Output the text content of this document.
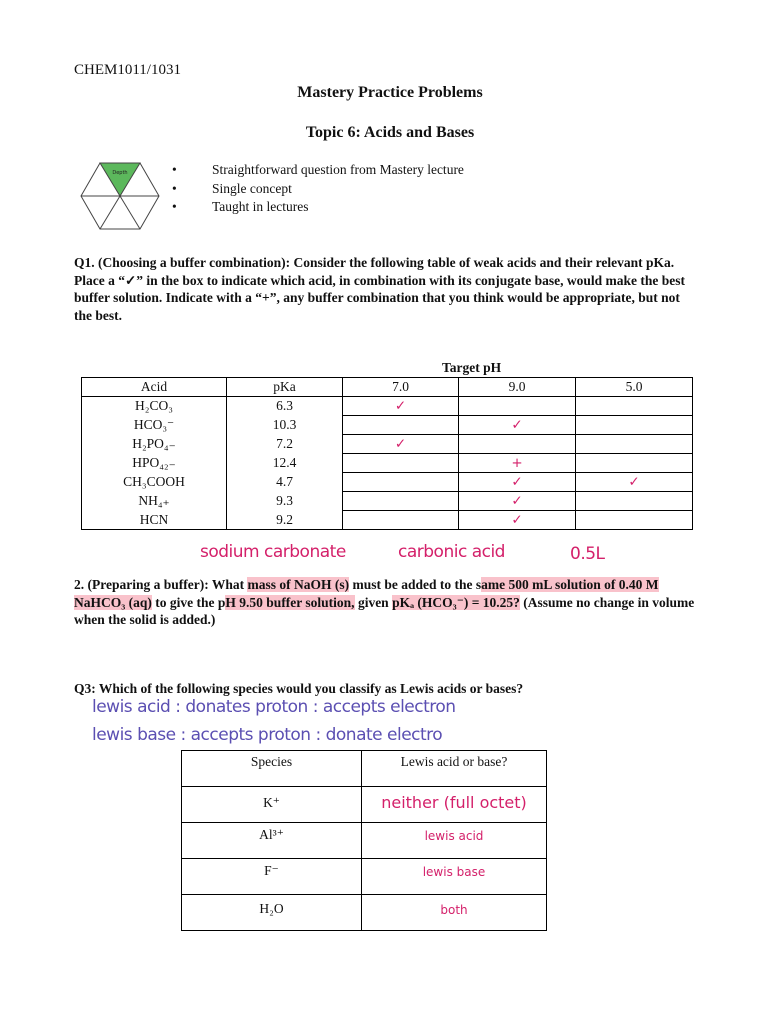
CHEM1011/1031
Mastery Practice Problems
Topic 6: Acids and Bases
Depth	•	Straightforward question from Mastery lecture
•	Single concept
•	Taught in lectures
Q1. (Choosing a buffer combination): Consider the following table of weak acids and their relevant pKa. Place a “✓” in the box to indicate which acid, in combination with its conjugate base, would make the best buffer solution. Indicate with a “+”, any buffer combination that you think would be appropriate, but not the best.
Target pH
Acid	pKa	7.0	9.0	5.0
H₂CO₃	6.3	✓		
HCO₃⁻	10.3		✓	
H₂PO₄₋	7.2	✓		
HPO₄₂₋	12.4		+	
CH₃COOH	4.7		✓	✓
NH₄₊	9.3		✓	
HCN	9.2		✓	
sodium carbonate	carbonic acid	0.5L
2. (Preparing a buffer): What mass of NaOH (s) must be added to the same 500 mL solution of 0.40 M NaHCO₃ (aq) to give the pH 9.50 buffer solution, given pKₐ (HCO₃⁻) = 10.25? (Assume no change in volume when the solid is added.)
Q3: Which of the following species would you classify as Lewis acids or bases?
lewis acid : donates proton : accepts electron
lewis base : accepts proton : donate electro
Species	Lewis acid or base?
K⁺	neither (full octet)
Al³⁺	lewis acid
F⁻	lewis base
H₂O	both
